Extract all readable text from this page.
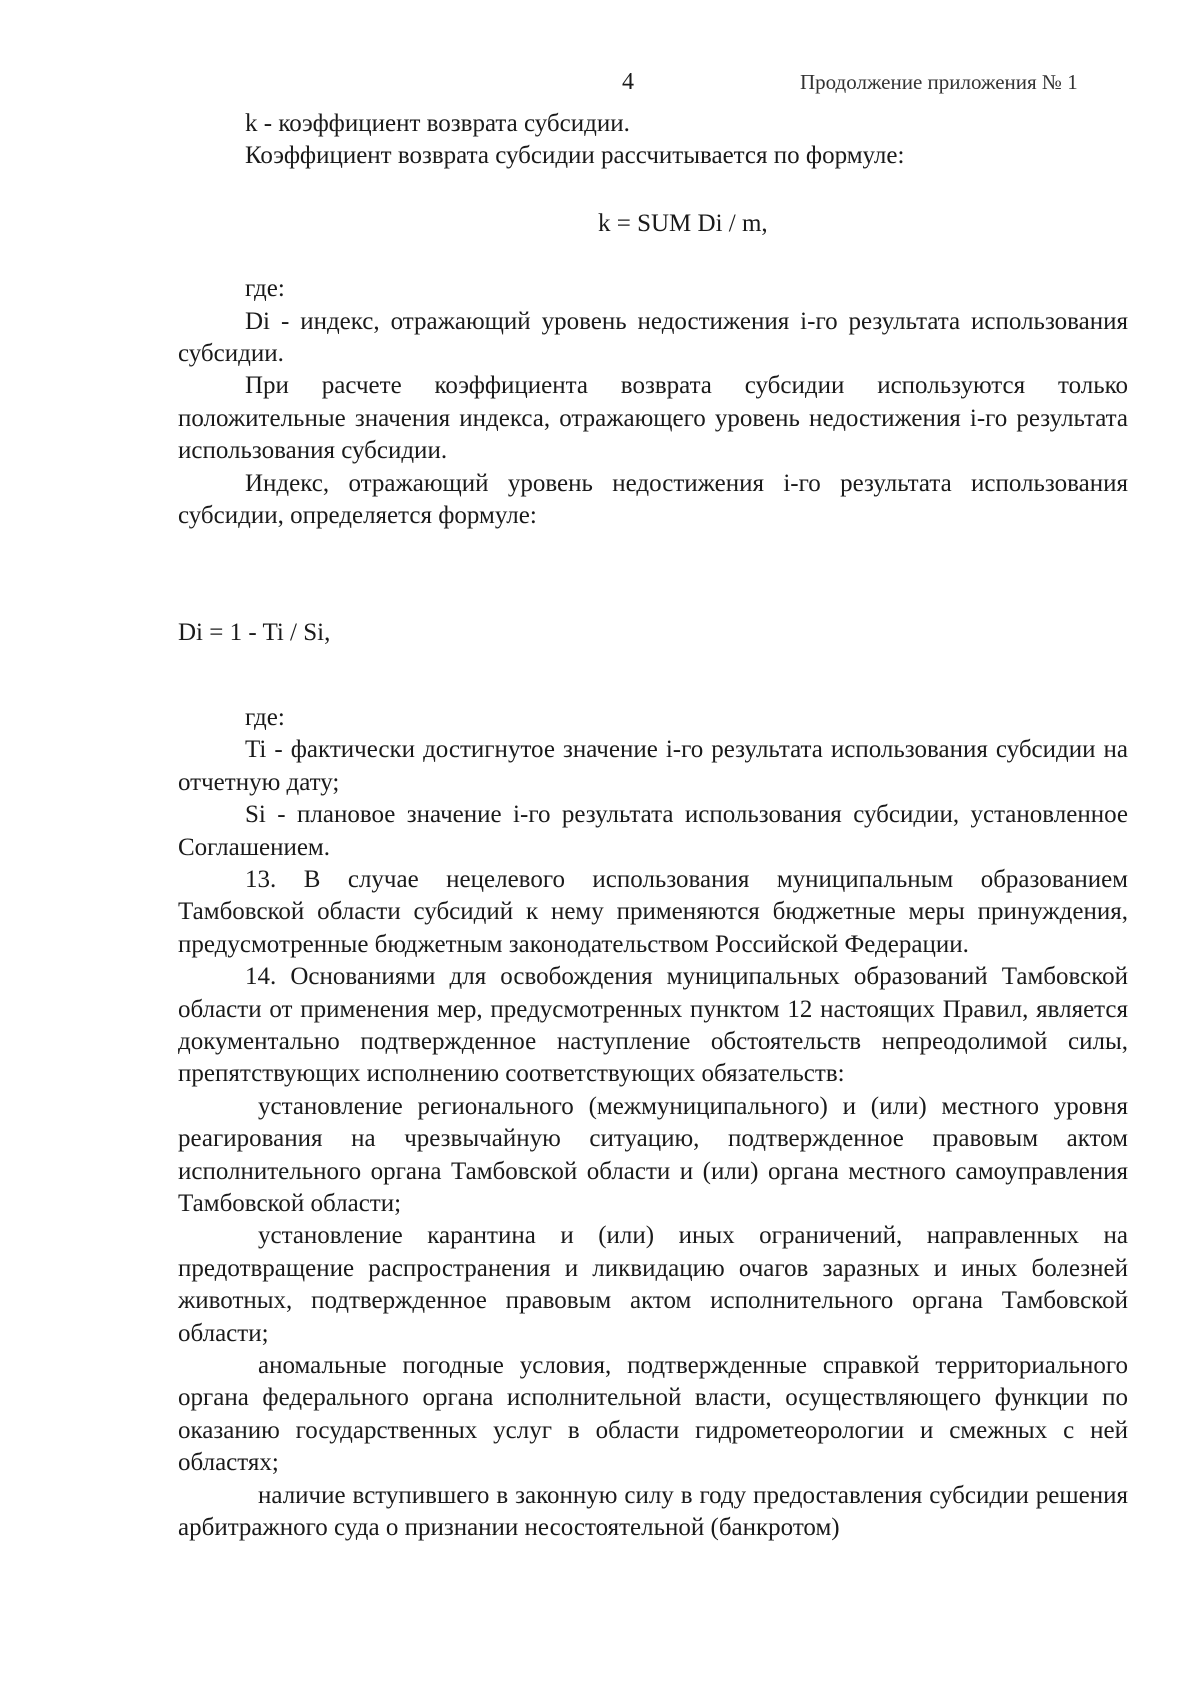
4	Продолжение приложения № 1

k - коэффициент возврата субсидии.

Коэффициент возврата субсидии рассчитывается по формуле:

k = SUM Di / m,

где:

Di - индекс, отражающий уровень недостижения i-го результата использования субсидии.

При расчете коэффициента возврата субсидии используются только положительные значения индекса, отражающего уровень недостижения i-го результата использования субсидии.

Индекс, отражающий уровень недостижения i-го результата использования субсидии, определяется формуле:

Di = 1 - Ti / Si,

где:

Ti - фактически достигнутое значение i-го результата использования субсидии на отчетную дату;

Si - плановое значение i-го результата использования субсидии, установленное Соглашением.

13. В случае нецелевого использования муниципальным образованием Тамбовской области субсидий к нему применяются бюджетные меры принуждения, предусмотренные бюджетным законодательством Российской Федерации.

14. Основаниями для освобождения муниципальных образований Тамбовской области от применения мер, предусмотренных пунктом 12 настоящих Правил, является документально подтвержденное наступление обстоятельств непреодолимой силы, препятствующих исполнению соответствующих обязательств:

установление регионального (межмуниципального) и (или) местного уровня реагирования на чрезвычайную ситуацию, подтвержденное правовым актом исполнительного органа Тамбовской области и (или) органа местного самоуправления Тамбовской области;

установление карантина и (или) иных ограничений, направленных на предотвращение распространения и ликвидацию очагов заразных и иных болезней животных, подтвержденное правовым актом исполнительного органа Тамбовской области;

аномальные погодные условия, подтвержденные справкой территориального органа федерального органа исполнительной власти, осуществляющего функции по оказанию государственных услуг в области гидрометеорологии и смежных с ней областях;

наличие вступившего в законную силу в году предоставления субсидии решения арбитражного суда о признании несостоятельной (банкротом)
